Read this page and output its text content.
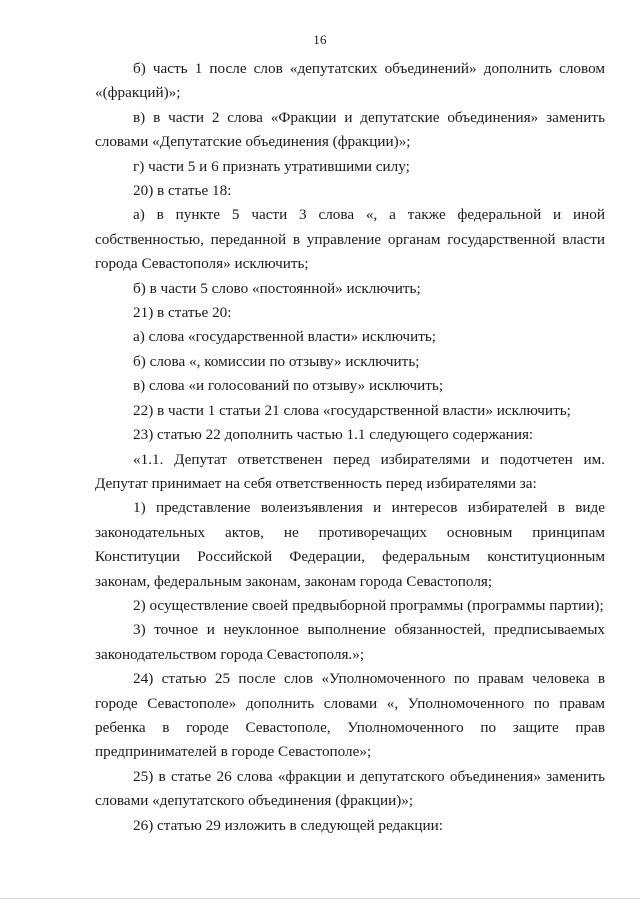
16

б) часть 1 после слов «депутатских объединений» дополнить словом «(фракций)»;

в) в части 2 слова «Фракции и депутатские объединения» заменить словами «Депутатские объединения (фракции)»;

г) части 5 и 6 признать утратившими силу;

20) в статье 18:

а) в пункте 5 части 3 слова «, а также федеральной и иной собственностью, переданной в управление органам государственной власти города Севастополя» исключить;

б) в части 5 слово «постоянной» исключить;

21) в статье 20:

а) слова «государственной власти» исключить;

б) слова «, комиссии по отзыву» исключить;

в) слова «и голосований по отзыву» исключить;

22) в части 1 статьи 21 слова «государственной власти» исключить;

23) статью 22 дополнить частью 1.1 следующего содержания:

«1.1. Депутат ответственен перед избирателями и подотчетен им. Депутат принимает на себя ответственность перед избирателями за:

1) представление волеизъявления и интересов избирателей в виде законодательных актов, не противоречащих основным принципам Конституции Российской Федерации, федеральным конституционным законам, федеральным законам, законам города Севастополя;

2) осуществление своей предвыборной программы (программы партии);

3) точное и неуклонное выполнение обязанностей, предписываемых законодательством города Севастополя.»;

24) статью 25 после слов «Уполномоченного по правам человека в городе Севастополе» дополнить словами «, Уполномоченного по правам ребенка в городе Севастополе, Уполномоченного по защите прав предпринимателей в городе Севастополе»;

25) в статье 26 слова «фракции и депутатского объединения» заменить словами «депутатского объединения (фракции)»;

26) статью 29 изложить в следующей редакции:
